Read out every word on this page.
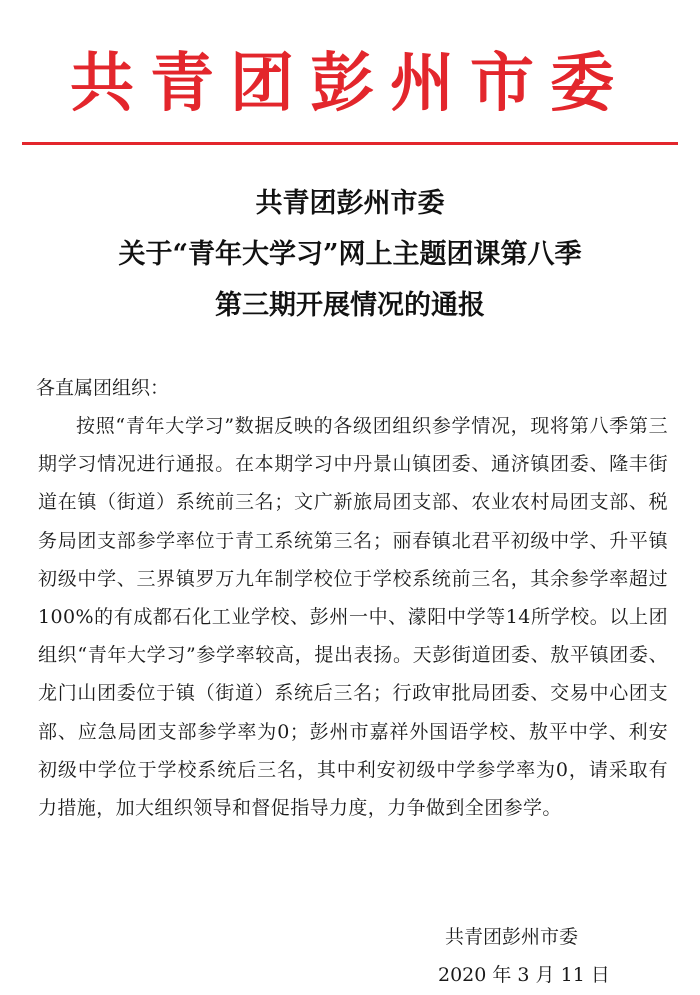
共青团彭州市委
共青团彭州市委
关于“青年大学习”网上主题团课第八季
第三期开展情况的通报
各直属团组织：
按照“青年大学习”数据反映的各级团组织参学情况，现将第八季第三期学习情况进行通报。在本期学习中丹景山镇团委、通济镇团委、隆丰街道在镇（街道）系统前三名；文广新旅局团支部、农业农村局团支部、税务局团支部参学率位于青工系统第三名；丽春镇北君平初级中学、升平镇初级中学、三界镇罗万九年制学校位于学校系统前三名，其余参学率超过100%的有成都石化工业学校、彭州一中、濛阳中学等14所学校。以上团组织“青年大学习”参学率较高，提出表扬。天彭街道团委、敖平镇团委、龙门山团委位于镇（街道）系统后三名；行政审批局团委、交易中心团支部、应急局团支部参学率为0；彭州市嘉祥外国语学校、敖平中学、利安初级中学位于学校系统后三名，其中利安初级中学参学率为0，请采取有力措施，加大组织领导和督促指导力度，力争做到全团参学。
共青团彭州市委
2020 年 3 月 11 日
